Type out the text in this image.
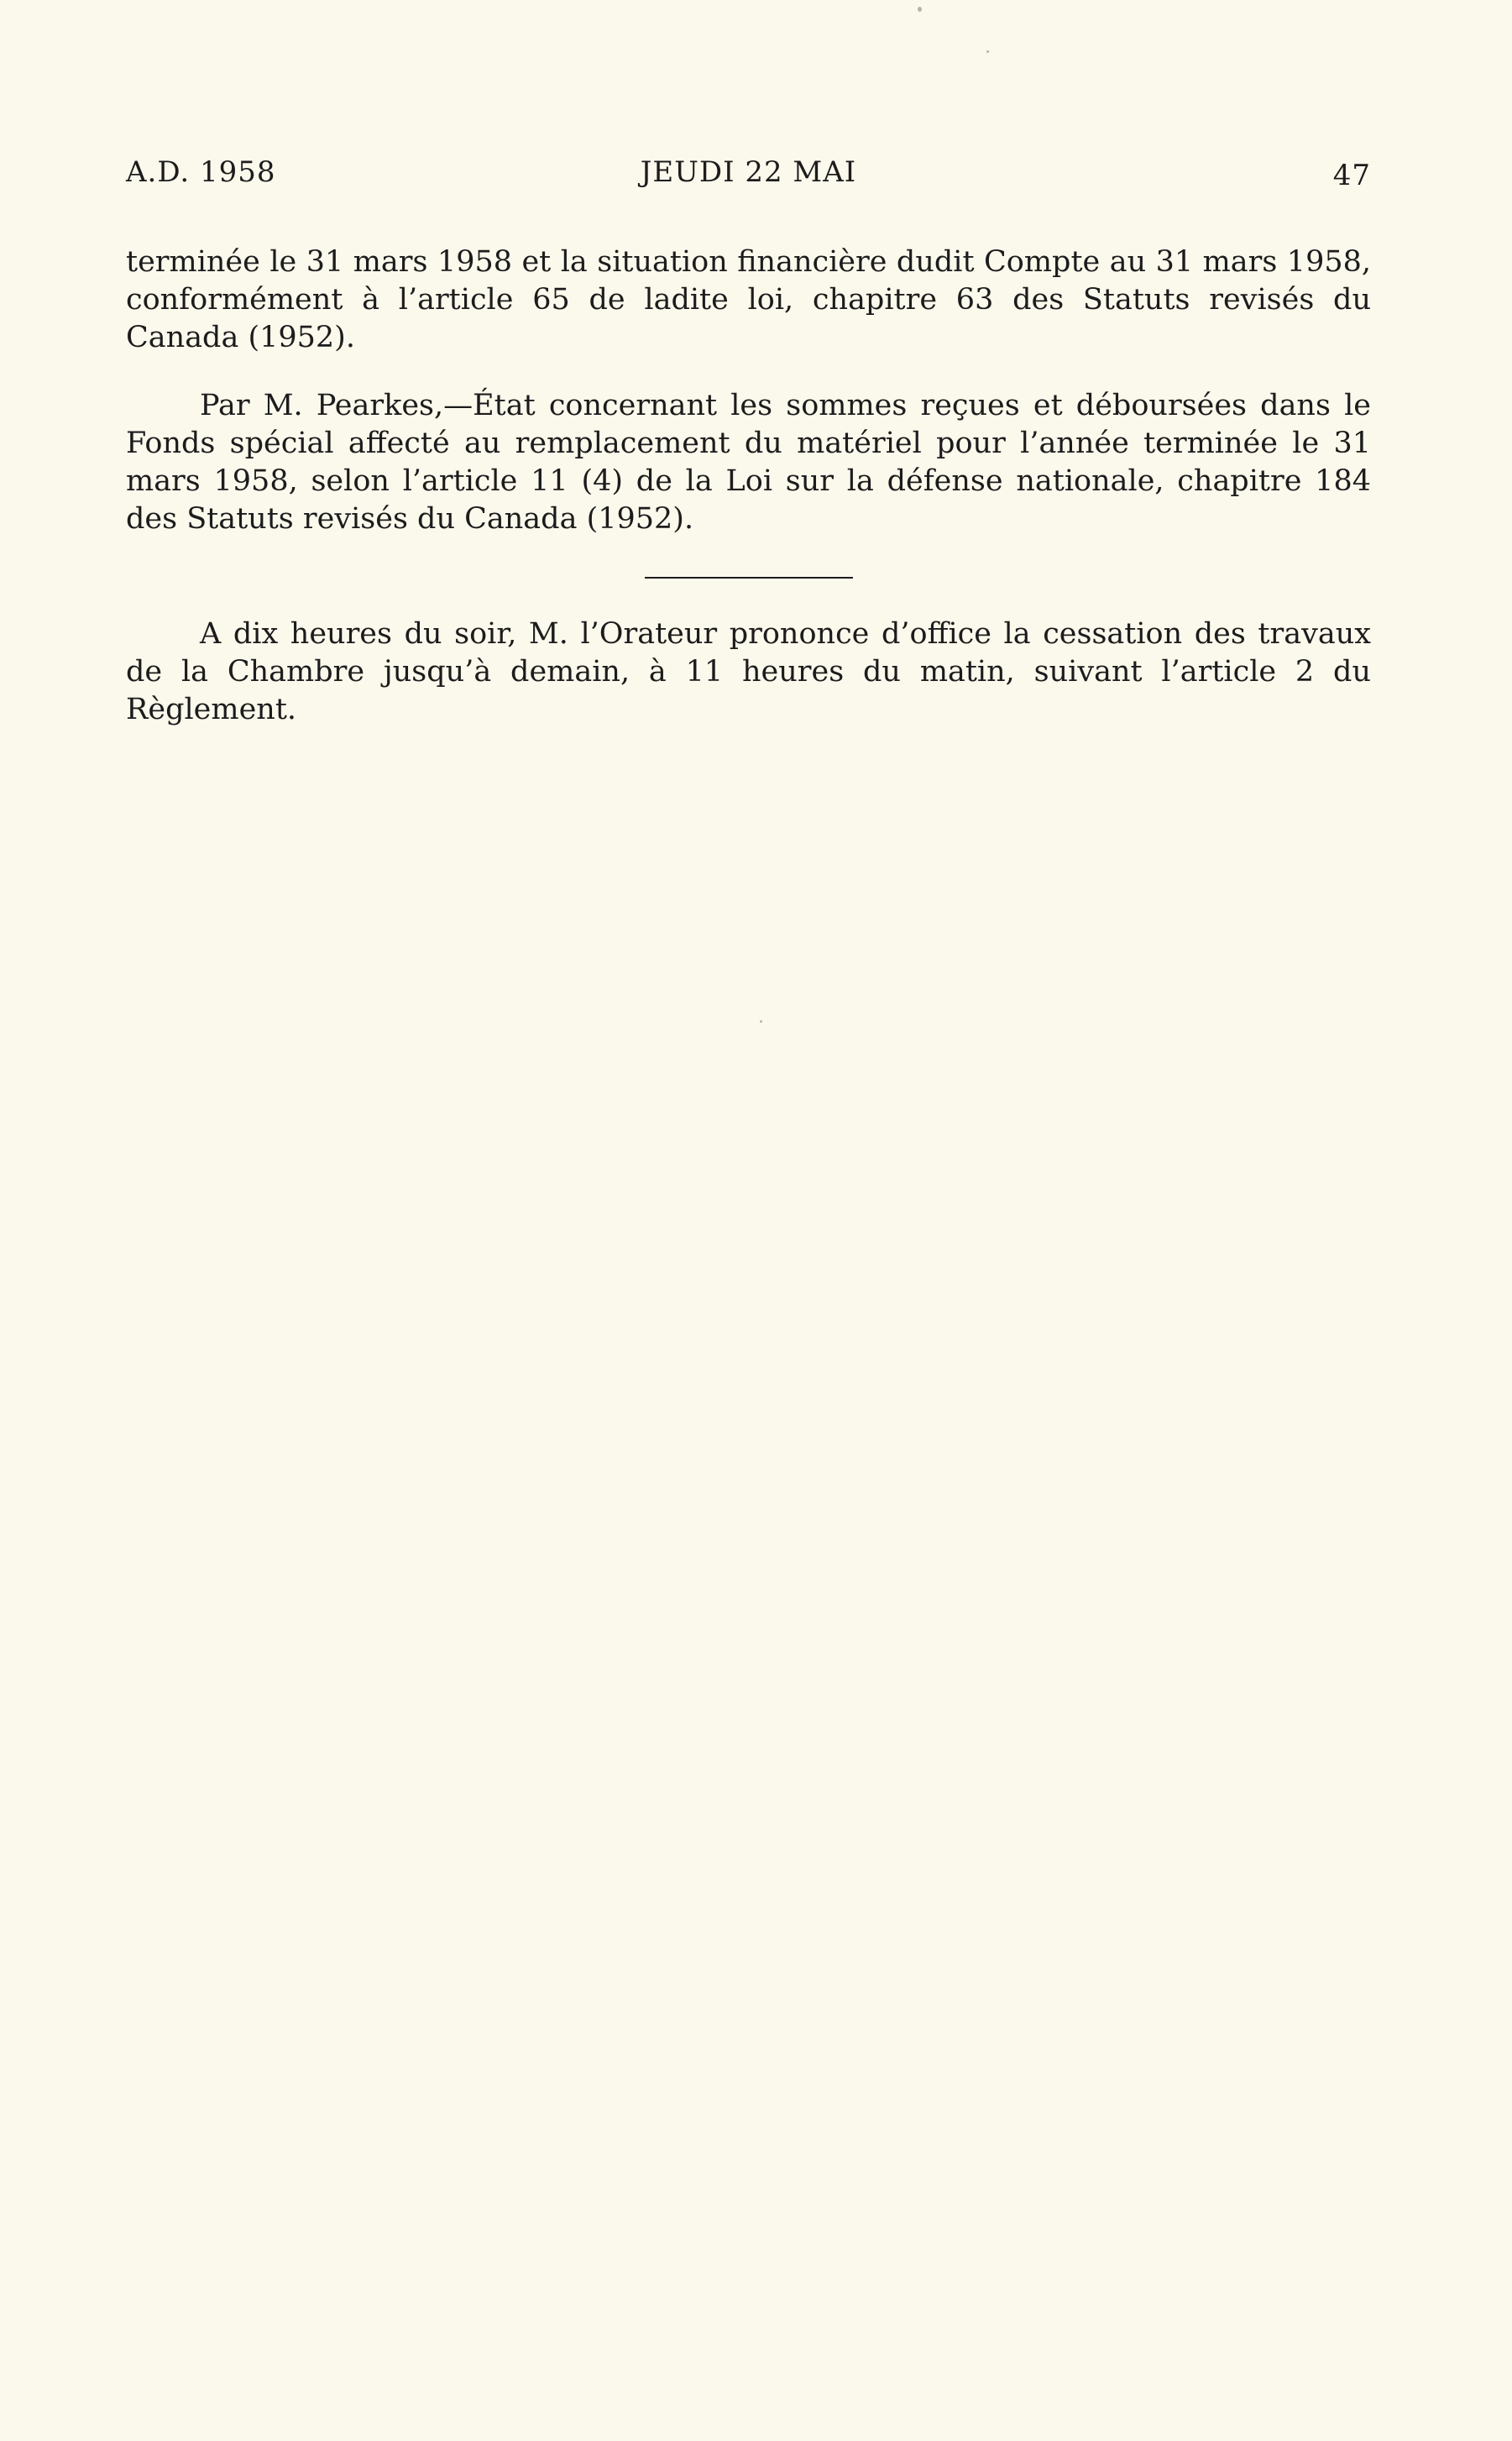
A.D. 1958	JEUDI 22 MAI	47

terminée le 31 mars 1958 et la situation financière dudit Compte au 31 mars 1958, conformément à l’article 65 de ladite loi, chapitre 63 des Statuts revisés du Canada (1952).

Par M. Pearkes,—État concernant les sommes reçues et déboursées dans le Fonds spécial affecté au remplacement du matériel pour l’année terminée le 31 mars 1958, selon l’article 11 (4) de la Loi sur la défense nationale, chapitre 184 des Statuts revisés du Canada (1952).

A dix heures du soir, M. l’Orateur prononce d’office la cessation des travaux de la Chambre jusqu’à demain, à 11 heures du matin, suivant l’article 2 du Règlement.
